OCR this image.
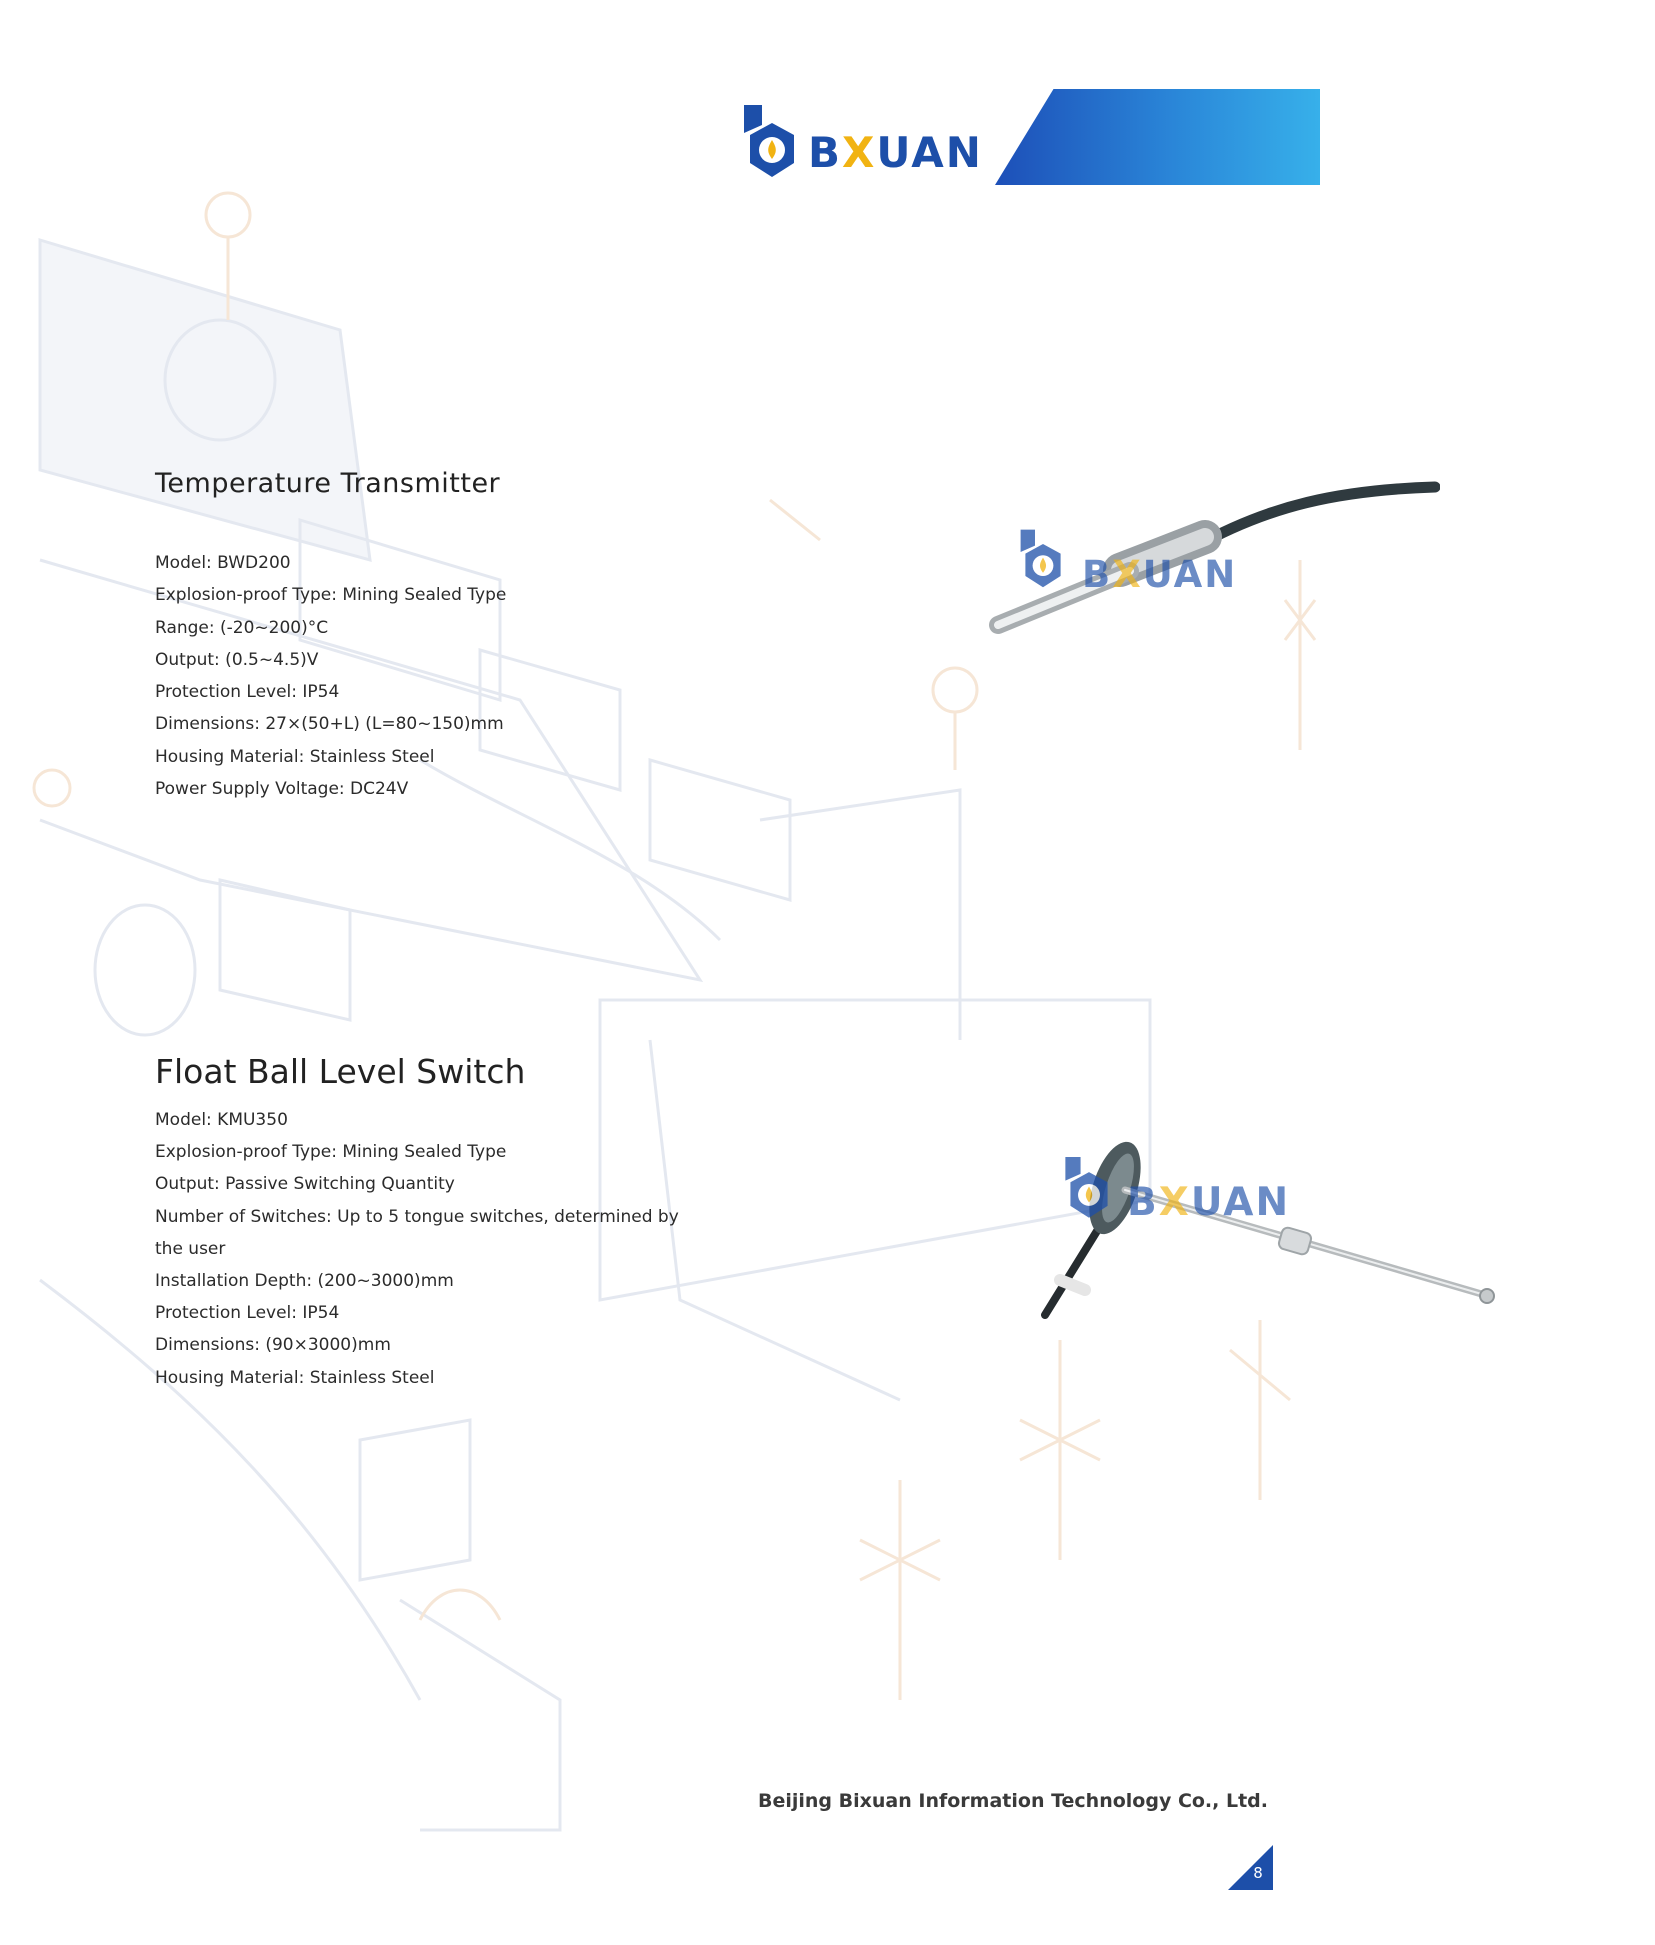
BXUAN
Temperature Transmitter
Model: BWD200
Explosion-proof Type: Mining Sealed Type
Range: (-20~200)°C
Output: (0.5~4.5)V
Protection Level: IP54
Dimensions: 27×(50+L) (L=80~150)mm
Housing Material: Stainless Steel
Power Supply Voltage: DC24V
BXUAN
Float Ball Level Switch
Model: KMU350
Explosion-proof Type: Mining Sealed Type
Output: Passive Switching Quantity
Number of Switches: Up to 5 tongue switches, determined by
the user
Installation Depth: (200~3000)mm
Protection Level: IP54
Dimensions: (90×3000)mm
Housing Material: Stainless Steel
BXUAN
Beijing Bixuan Information Technology Co., Ltd.
8
